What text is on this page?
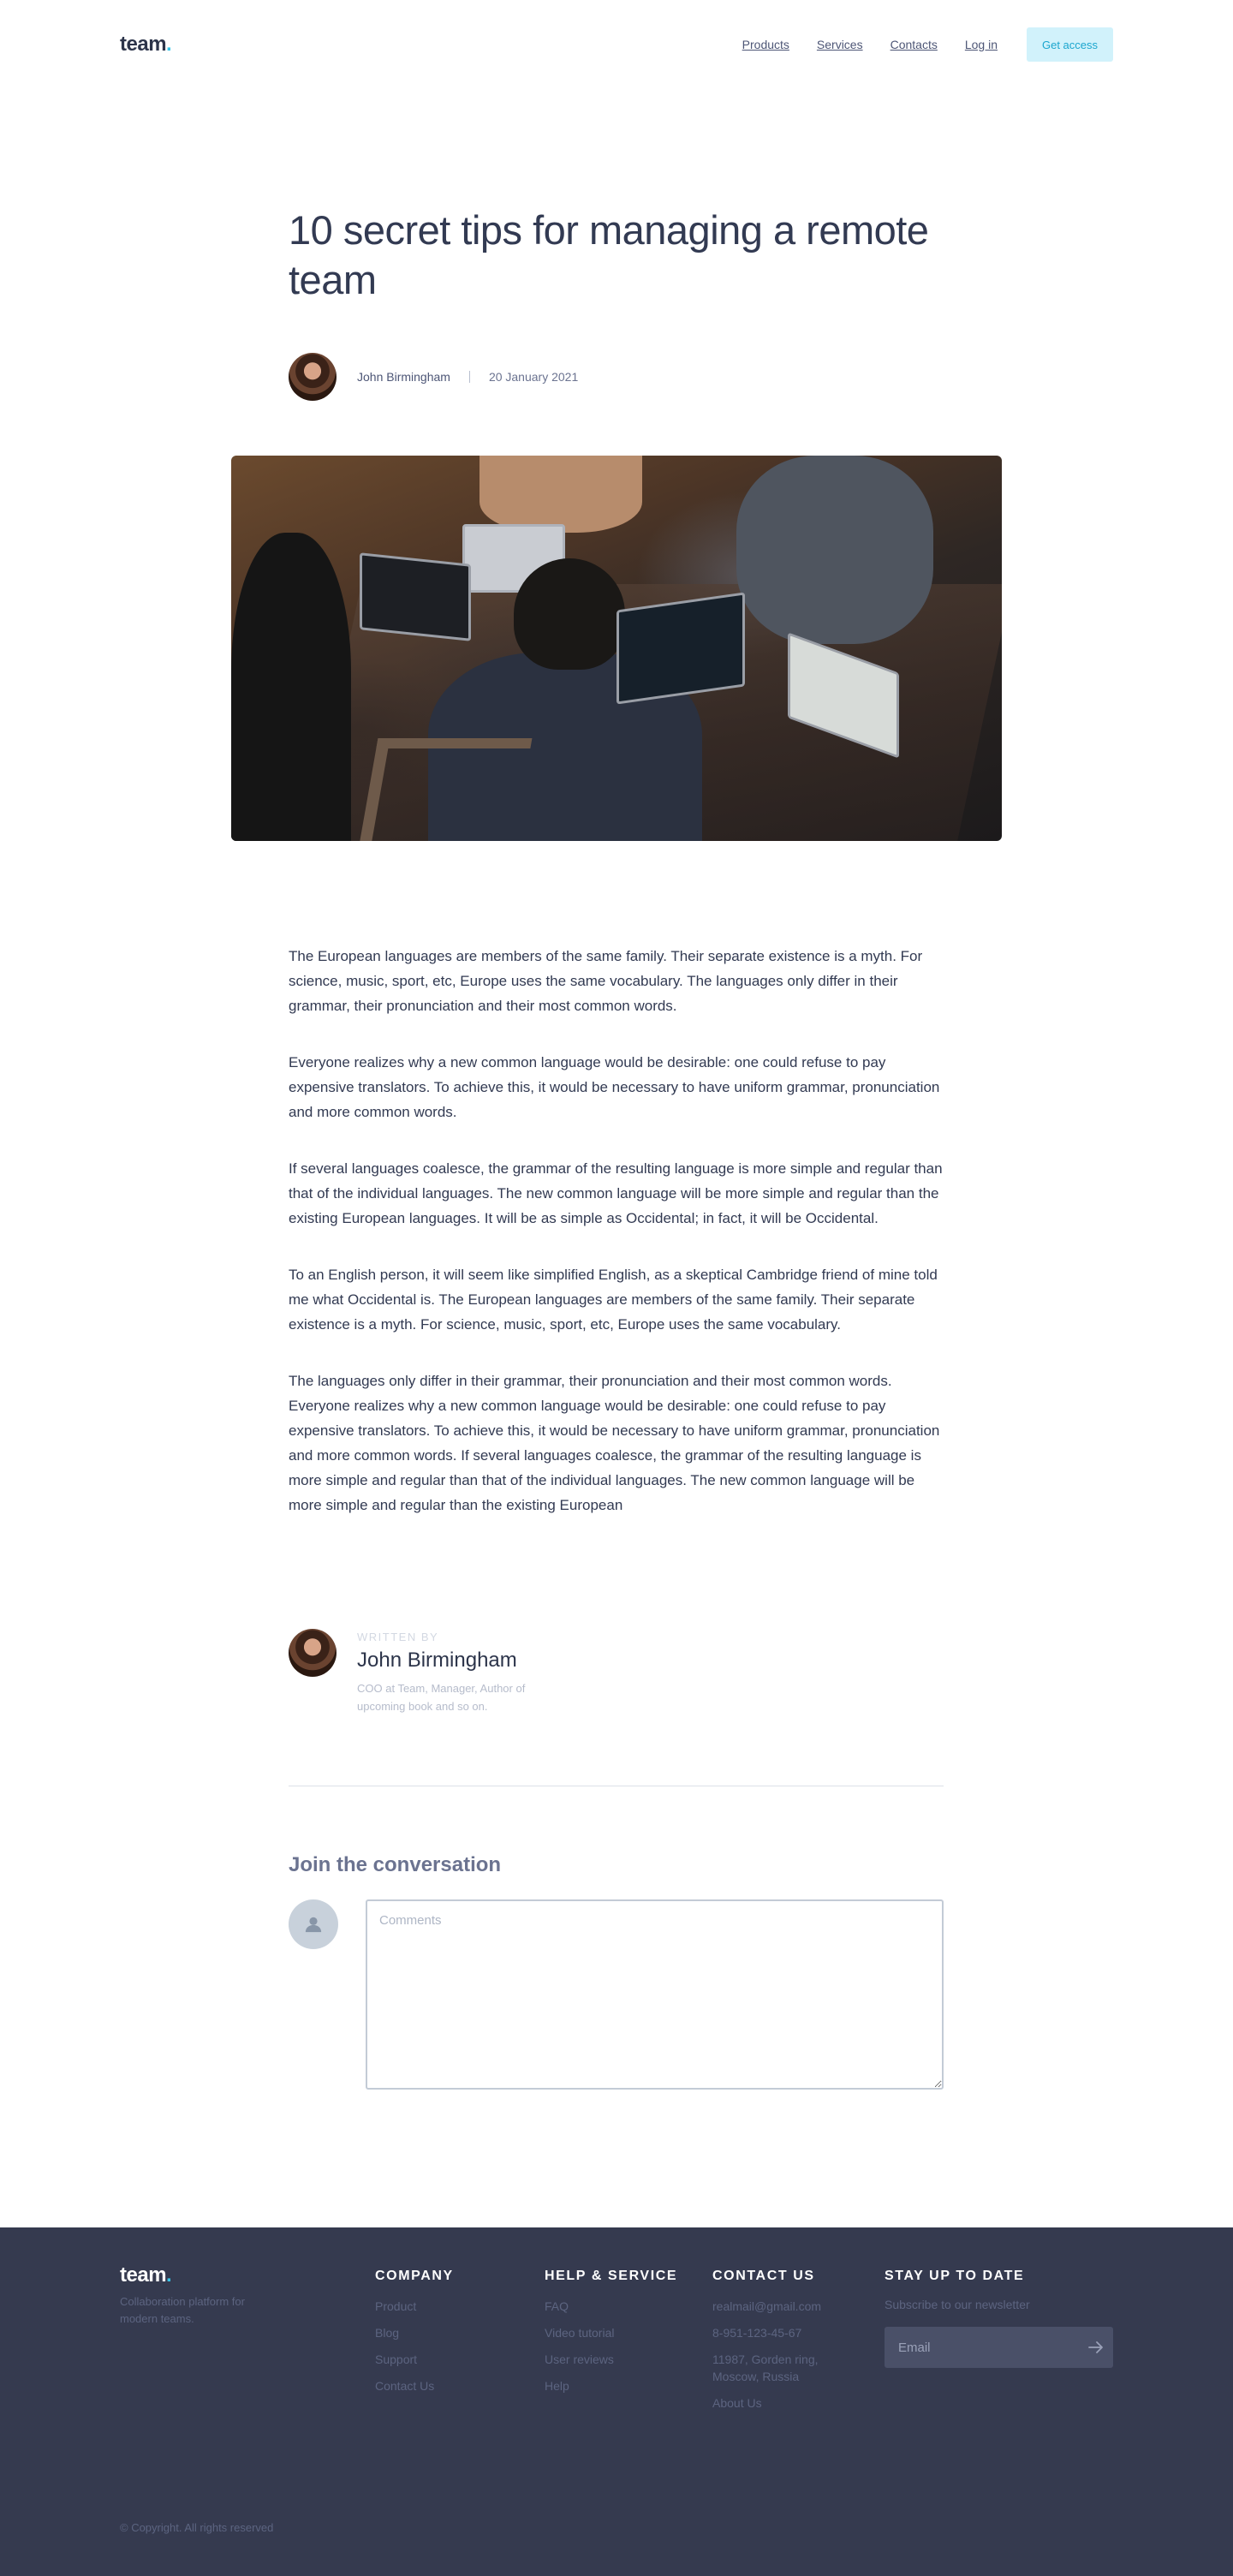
team.	Products Services Contacts Log in	Get access
10 secret tips for managing a remote team
John Birmingham	20 January 2021

The European languages are members of the same family. Their separate existence is a myth. For science, music, sport, etc, Europe uses the same vocabulary. The languages only differ in their grammar, their pronunciation and their most common words.

Everyone realizes why a new common language would be desirable: one could refuse to pay expensive translators. To achieve this, it would be necessary to have uniform grammar, pronunciation and more common words.

If several languages coalesce, the grammar of the resulting language is more simple and regular than that of the individual languages. The new common language will be more simple and regular than the existing European languages. It will be as simple as Occidental; in fact, it will be Occidental.

To an English person, it will seem like simplified English, as a skeptical Cambridge friend of mine told me what Occidental is. The European languages are members of the same family. Their separate existence is a myth. For science, music, sport, etc, Europe uses the same vocabulary.

The languages only differ in their grammar, their pronunciation and their most common words. Everyone realizes why a new common language would be desirable: one could refuse to pay expensive translators. To achieve this, it would be necessary to have uniform grammar, pronunciation and more common words. If several languages coalesce, the grammar of the resulting language is more simple and regular than that of the individual languages. The new common language will be more simple and regular than the existing European

WRITTEN BY
John Birmingham
COO at Team, Manager, Author of upcoming book and so on.
Join the conversation
Comments
team.
Collaboration platform for modern teams.
COMPANY
Product
Blog
Support
Contact Us
HELP & SERVICE
FAQ
Video tutorial
User reviews
Help
CONTACT US
realmail@gmail.com
8-951-123-45-67
11987, Gorden ring, Moscow, Russia
About Us
STAY UP TO DATE
Subscribe to our newsletter
Email
© Copyright. All rights reserved
